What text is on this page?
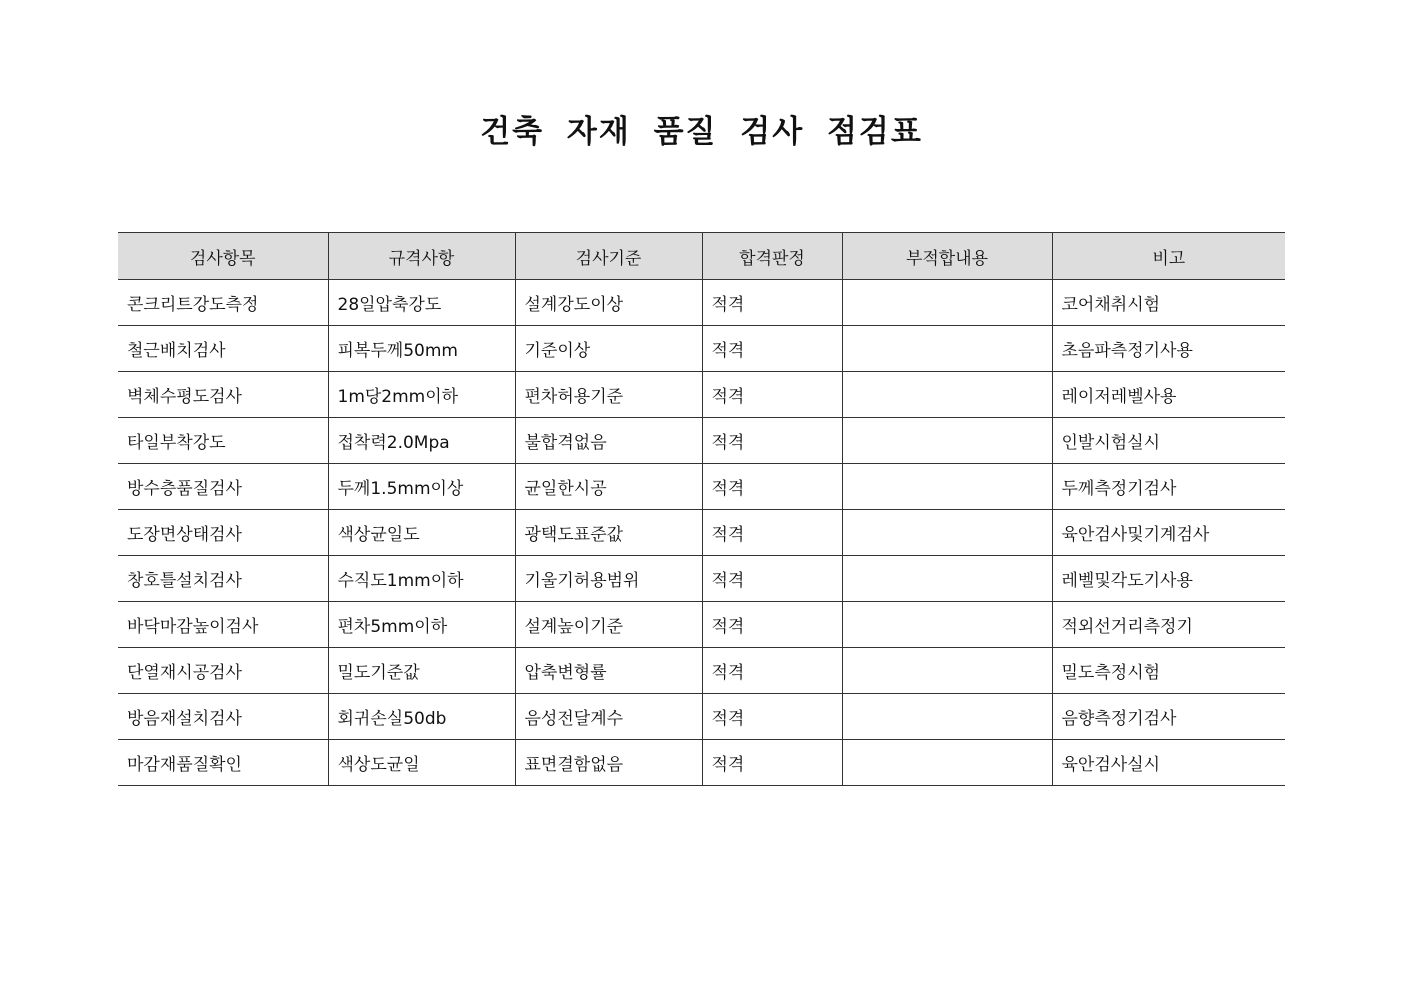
건축 자재 품질 검사 점검표
검사항목	규격사항	검사기준	합격판정	부적합내용	비고
콘크리트강도측정	28일압축강도	설계강도이상	적격		코어채취시험
철근배치검사	피복두께50mm	기준이상	적격		초음파측정기사용
벽체수평도검사	1m당2mm이하	편차허용기준	적격		레이저레벨사용
타일부착강도	접착력2.0Mpa	불합격없음	적격		인발시험실시
방수층품질검사	두께1.5mm이상	균일한시공	적격		두께측정기검사
도장면상태검사	색상균일도	광택도표준값	적격		육안검사및기계검사
창호틀설치검사	수직도1mm이하	기울기허용범위	적격		레벨및각도기사용
바닥마감높이검사	편차5mm이하	설계높이기준	적격		적외선거리측정기
단열재시공검사	밀도기준값	압축변형률	적격		밀도측정시험
방음재설치검사	회귀손실50db	음성전달계수	적격		음향측정기검사
마감재품질확인	색상도균일	표면결함없음	적격		육안검사실시
